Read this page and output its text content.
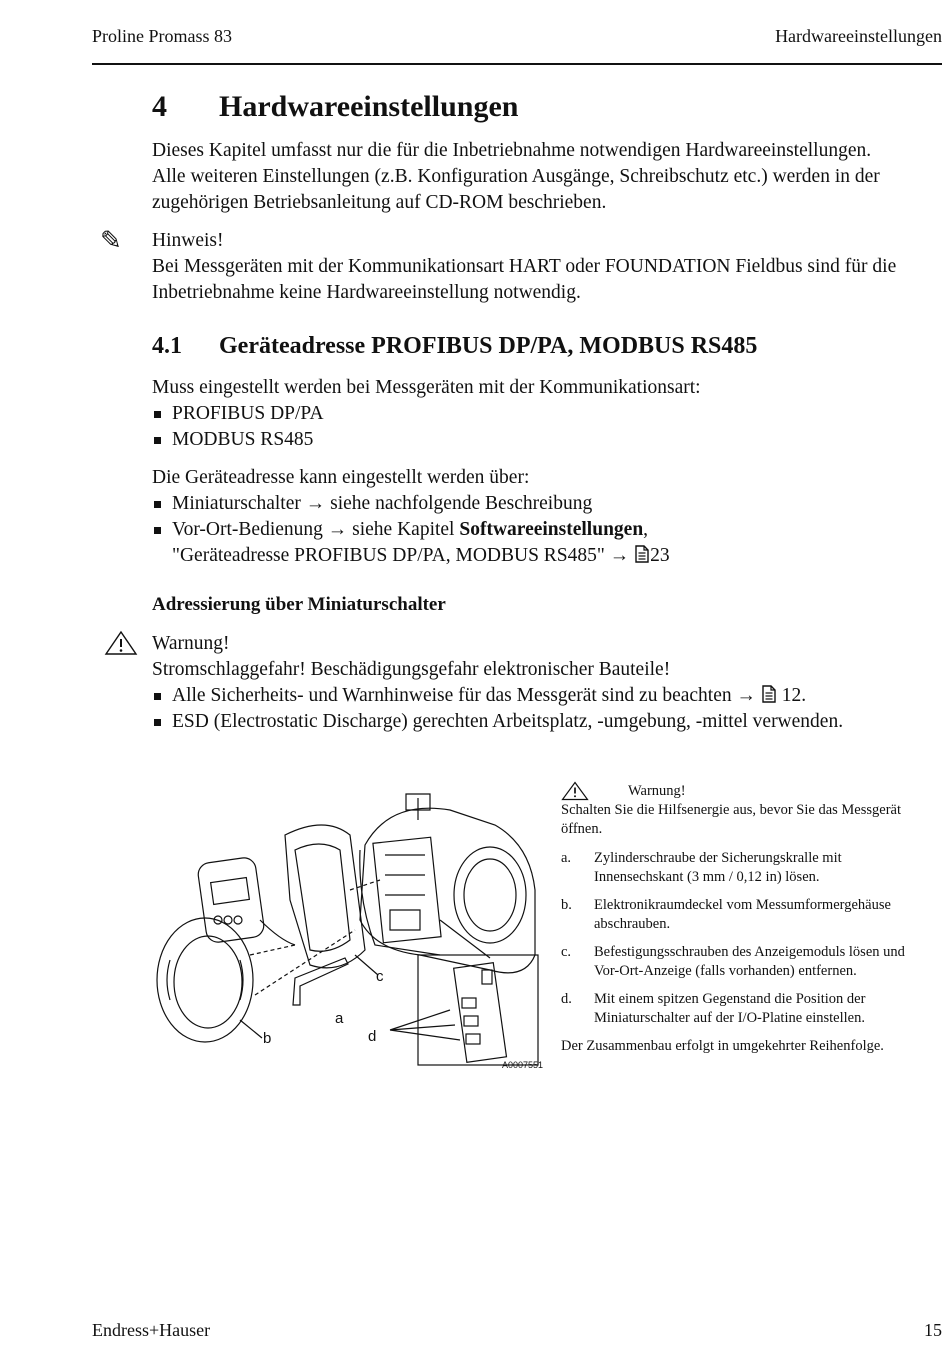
Proline Promass 83	Hardwareeinstellungen
4 Hardwareeinstellungen
Dieses Kapitel umfasst nur die für die Inbetriebnahme notwendigen Hardwareeinstellungen.
Alle weiteren Einstellungen (z.B. Konfiguration Ausgänge, Schreibschutz etc.) werden in der
zugehörigen Betriebsanleitung auf CD-ROM beschrieben.
✎ Hinweis!
Bei Messgeräten mit der Kommunikationsart HART oder FOUNDATION Fieldbus sind für die
Inbetriebnahme keine Hardwareeinstellung notwendig.
4.1 Geräteadresse PROFIBUS DP/PA, MODBUS RS485
Muss eingestellt werden bei Messgeräten mit der Kommunikationsart:
PROFIBUS DP/PA
MODBUS RS485
Die Geräteadresse kann eingestellt werden über:
Miniaturschalter → siehe nachfolgende Beschreibung
Vor-Ort-Bedienung → siehe Kapitel Softwareeinstellungen,
"Geräteadresse PROFIBUS DP/PA, MODBUS RS485" → 23
Adressierung über Miniaturschalter
Warnung!
Stromschlaggefahr! Beschädigungsgefahr elektronischer Bauteile!
Alle Sicherheits- und Warnhinweise für das Messgerät sind zu beachten →  12.
ESD (Electrostatic Discharge) gerechten Arbeitsplatz, -umgebung, -mittel verwenden.
b
a
c
d
A0007551
Warnung!
Schalten Sie die Hilfsenergie aus, bevor Sie das Messgerät
öffnen.
a. Zylinderschraube der Sicherungskralle mit
Innensechskant (3 mm / 0,12 in) lösen.
b. Elektronikraumdeckel vom Messumformergehäuse
abschrauben.
c. Befestigungsschrauben des Anzeigemoduls lösen und
Vor-Ort-Anzeige (falls vorhanden) entfernen.
d. Mit einem spitzen Gegenstand die Position der
Miniaturschalter auf der I/O-Platine einstellen.
Der Zusammenbau erfolgt in umgekehrter Reihenfolge.
Endress+Hauser	15
